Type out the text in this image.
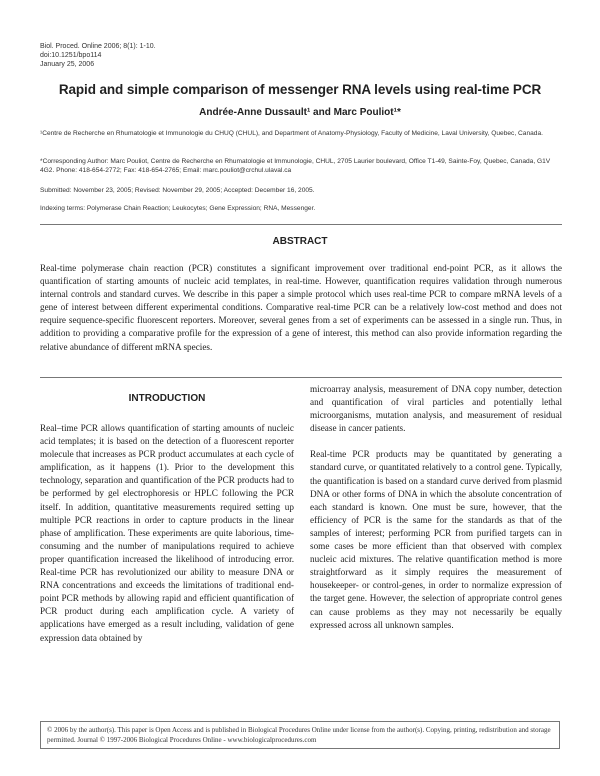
Biol. Proced. Online 2006; 8(1): 1-10.
doi:10.1251/bpo114
January 25, 2006
Rapid and simple comparison of messenger RNA levels using real-time PCR
Andrée-Anne Dussault¹ and Marc Pouliot¹*
¹Centre de Recherche en Rhumatologie et Immunologie du CHUQ (CHUL), and Department of Anatomy-Physiology, Faculty of Medicine, Laval University, Quebec, Canada.
*Corresponding Author: Marc Pouliot, Centre de Recherche en Rhumatologie et Immunologie, CHUL, 2705 Laurier boulevard, Office T1-49, Sainte-Foy, Quebec, Canada, G1V 4G2. Phone: 418-654-2772; Fax: 418-654-2765; Email: marc.pouliot@crchul.ulaval.ca
Submitted: November 23, 2005; Revised: November 29, 2005; Accepted: December 16, 2005.
Indexing terms: Polymerase Chain Reaction; Leukocytes; Gene Expression; RNA, Messenger.
ABSTRACT
Real-time polymerase chain reaction (PCR) constitutes a significant improvement over traditional end-point PCR, as it allows the quantification of starting amounts of nucleic acid templates, in real-time. However, quantification requires validation through numerous internal controls and standard curves. We describe in this paper a simple protocol which uses real-time PCR to compare mRNA levels of a gene of interest between different experimental conditions. Comparative real-time PCR can be a relatively low-cost method and does not require sequence-specific fluorescent reporters. Moreover, several genes from a set of experiments can be assessed in a single run. Thus, in addition to providing a comparative profile for the expression of a gene of interest, this method can also provide information regarding the relative abundance of different mRNA species.
INTRODUCTION

Real–time PCR allows quantification of starting amounts of nucleic acid templates; it is based on the detection of a fluorescent reporter molecule that increases as PCR product accumulates at each cycle of amplification, as it happens (1). Prior to the development this technology, separation and quantification of the PCR products had to be performed by gel electrophoresis or HPLC following the PCR itself. In addition, quantitative measurements required setting up multiple PCR reactions in order to capture products in the linear phase of amplification. These experiments are quite laborious, time-consuming and the number of manipulations required to achieve proper quantification increased the likelihood of introducing error. Real-time PCR has revolutionized our ability to measure DNA or RNA concentrations and exceeds the limitations of traditional end-point PCR methods by allowing rapid and efficient quantification of PCR product during each amplification cycle. A variety of applications have emerged as a result including, validation of gene expression data obtained by

microarray analysis, measurement of DNA copy number, detection and quantification of viral particles and potentially lethal microorganisms, mutation analysis, and measurement of residual disease in cancer patients.

Real-time PCR products may be quantitated by generating a standard curve, or quantitated relatively to a control gene. Typically, the quantification is based on a standard curve derived from plasmid DNA or other forms of DNA in which the absolute concentration of each standard is known. One must be sure, however, that the efficiency of PCR is the same for the standards as that of the samples of interest; performing PCR from purified targets can in some cases be more efficient than that observed with complex nucleic acid mixtures. The relative quantification method is more straightforward as it simply requires the measurement of housekeeper- or control-genes, in order to normalize expression of the target gene. However, the selection of appropriate control genes can cause problems as they may not necessarily be equally expressed across all unknown samples.

© 2006 by the author(s). This paper is Open Access and is published in Biological Procedures Online under license from the author(s). Copying, printing, redistribution and storage permitted. Journal © 1997-2006 Biological Procedures Online - www.biologicalprocedures.com
